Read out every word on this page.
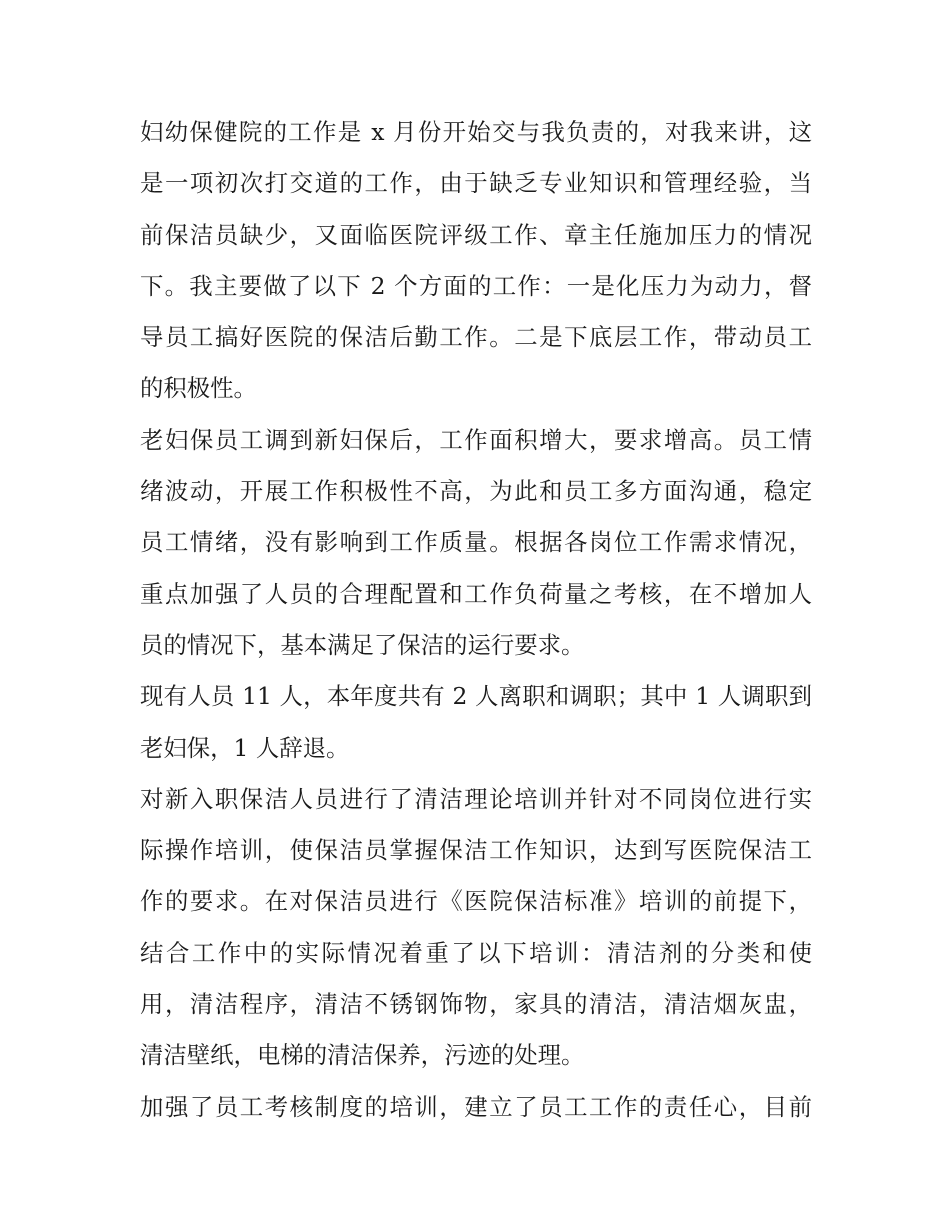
妇幼保健院的工作是 x 月份开始交与我负责的，对我来讲，这
是一项初次打交道的工作，由于缺乏专业知识和管理经验，当
前保洁员缺少，又面临医院评级工作、章主任施加压力的情况
下。我主要做了以下 2 个方面的工作：一是化压力为动力，督
导员工搞好医院的保洁后勤工作。二是下底层工作，带动员工
的积极性。
老妇保员工调到新妇保后，工作面积增大，要求增高。员工情
绪波动，开展工作积极性不高，为此和员工多方面沟通，稳定
员工情绪，没有影响到工作质量。根据各岗位工作需求情况，
重点加强了人员的合理配置和工作负荷量之考核，在不增加人
员的情况下，基本满足了保洁的运行要求。
现有人员 11 人，本年度共有 2 人离职和调职；其中 1 人调职到
老妇保，1 人辞退。
对新入职保洁人员进行了清洁理论培训并针对不同岗位进行实
际操作培训，使保洁员掌握保洁工作知识，达到写医院保洁工
作的要求。在对保洁员进行《医院保洁标准》培训的前提下，
结合工作中的实际情况着重了以下培训：清洁剂的分类和使
用，清洁程序，清洁不锈钢饰物，家具的清洁，清洁烟灰盅，
清洁壁纸，电梯的清洁保养，污迹的处理。
加强了员工考核制度的培训，建立了员工工作的责任心，目前
